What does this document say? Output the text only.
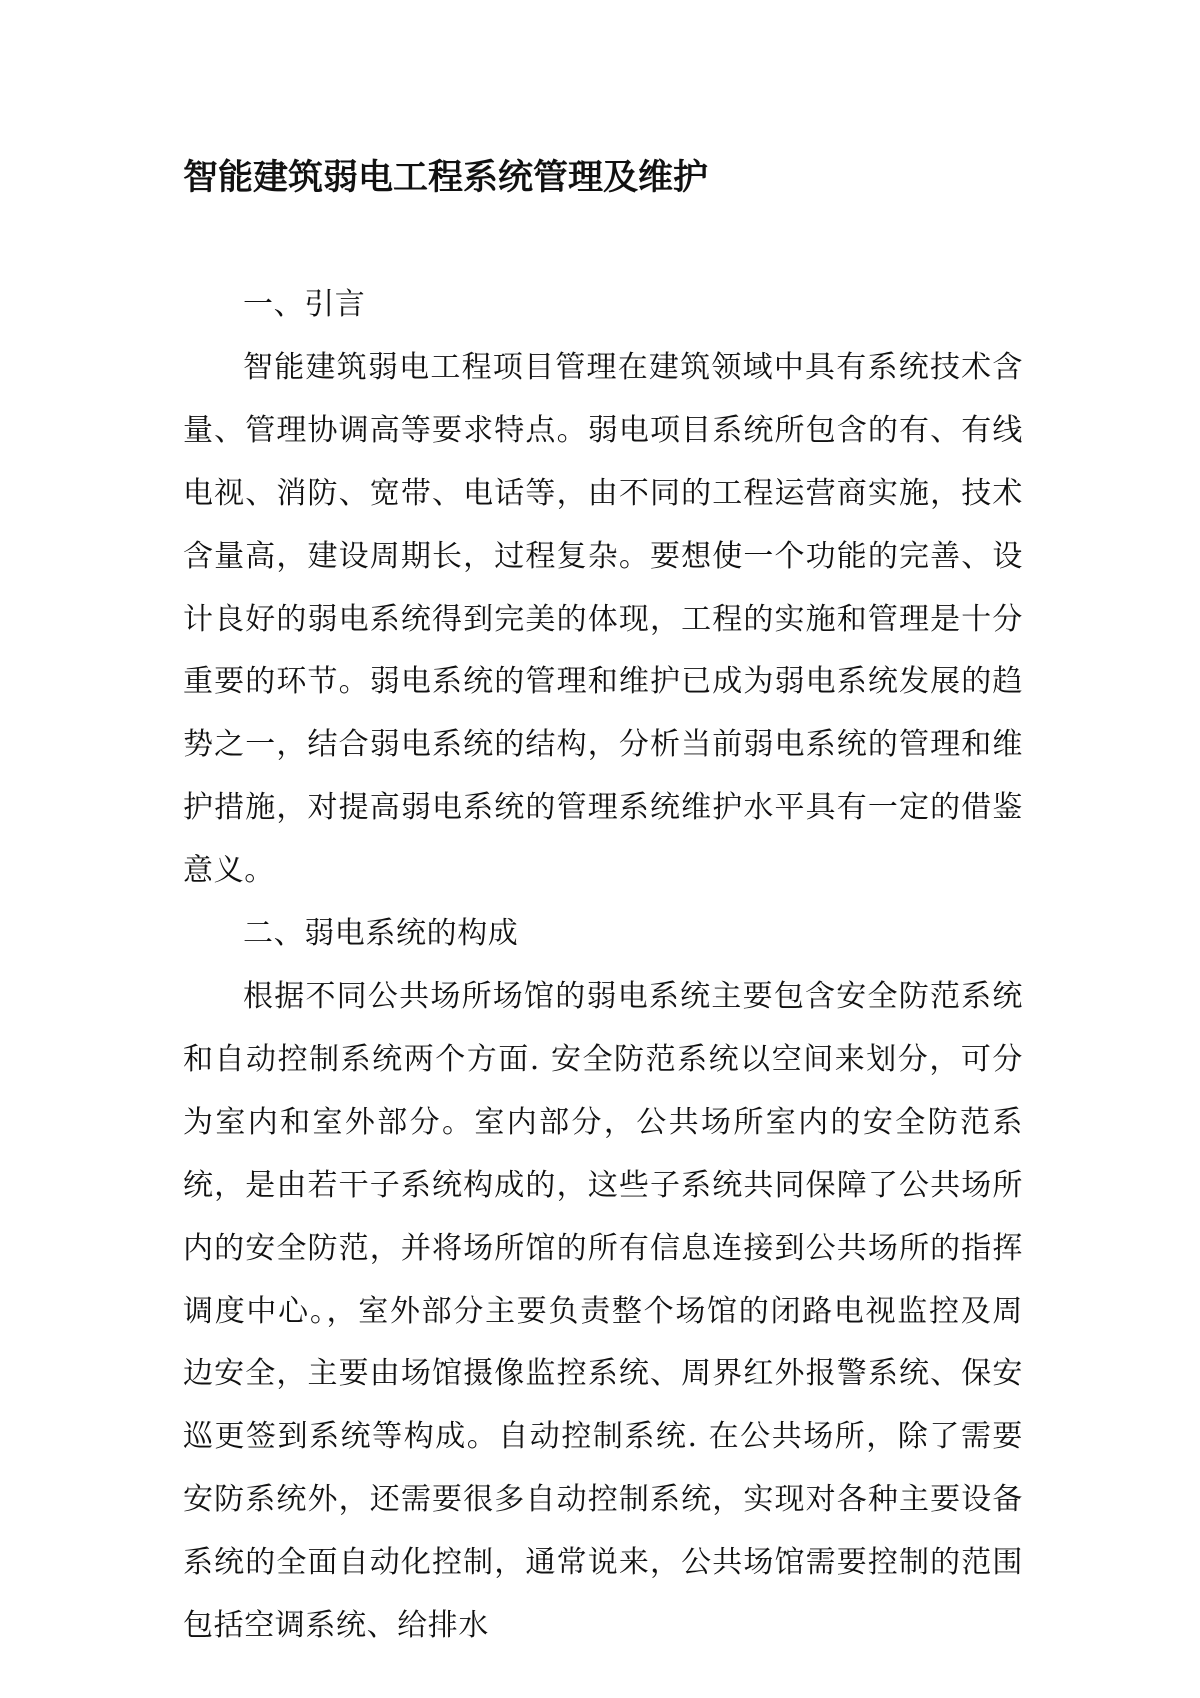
智能建筑弱电工程系统管理及维护

一、引言

智能建筑弱电工程项目管理在建筑领域中具有系统技术含量、管理协调高等要求特点。弱电项目系统所包含的有、有线电视、消防、宽带、电话等，由不同的工程运营商实施，技术含量高，建设周期长，过程复杂。要想使一个功能的完善、设计良好的弱电系统得到完美的体现，工程的实施和管理是十分重要的环节。弱电系统的管理和维护已成为弱电系统发展的趋势之一，结合弱电系统的结构，分析当前弱电系统的管理和维护措施，对提高弱电系统的管理系统维护水平具有一定的借鉴意义。

二、弱电系统的构成

根据不同公共场所场馆的弱电系统主要包含安全防范系统和自动控制系统两个方面. 安全防范系统以空间来划分，可分为室内和室外部分。室内部分，公共场所室内的安全防范系统，是由若干子系统构成的，这些子系统共同保障了公共场所内的安全防范，并将场所馆的所有信息连接到公共场所的指挥调度中心。，室外部分主要负责整个场馆的闭路电视监控及周边安全，主要由场馆摄像监控系统、周界红外报警系统、保安巡更签到系统等构成。自动控制系统. 在公共场所，除了需要安防系统外，还需要很多自动控制系统，实现对各种主要设备系统的全面自动化控制，通常说来，公共场馆需要控制的范围包括空调系统、给排水
